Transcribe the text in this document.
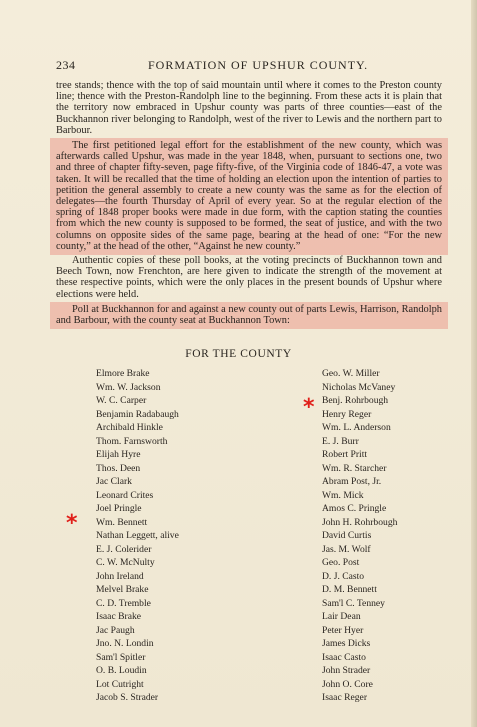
234	FORMATION OF UPSHUR COUNTY.

tree stands; thence with the top of said mountain until where it comes to the Preston county line; thence with the Preston-Randolph line to the beginning. From these acts it is plain that the territory now embraced in Upshur county was parts of three counties—east of the Buckhannon river belonging to Randolph, west of the river to Lewis and the northern part to Barbour.

The first petitioned legal effort for the establishment of the new county, which was afterwards called Upshur, was made in the year 1848, when, pursuant to sections one, two and three of chapter fifty-seven, page fifty-five, of the Virginia code of 1846-47, a vote was taken. It will be recalled that the time of holding an election upon the intention of parties to petition the general assembly to create a new county was the same as for the election of delegates—the fourth Thursday of April of every year. So at the regular election of the spring of 1848 proper books were made in due form, with the caption stating the counties from which the new county is supposed to be formed, the seat of justice, and with the two columns on opposite sides of the same page, bearing at the head of one: “For the new county,” at the head of the other, “Against he new county.”

Authentic copies of these poll books, at the voting precincts of Buckhannon town and Beech Town, now Frenchton, are here given to indicate the strength of the movement at these respective points, which were the only places in the present bounds of Upshur where elections were held.

Poll at Buckhannon for and against a new county out of parts Lewis, Harrison, Randolph and Barbour, with the county seat at Buckhannon Town:

FOR THE COUNTY
Elmore Brake
Wm. W. Jackson
W. C. Carper
Benjamin Radabaugh
Archibald Hinkle
Thom. Farnsworth
Elijah Hyre
Thos. Deen
Jac Clark
Leonard Crites
Joel Pringle
Wm. Bennett
Nathan Leggett, alive
E. J. Colerider
C. W. McNulty
John Ireland
Melvel Brake
C. D. Tremble
Isaac Brake
Jac Paugh
Jno. N. Londin
Sam'l Spitler
O. B. Loudin
Lot Cutright
Jacob S. Strader
Geo. W. Miller
Nicholas McVaney
Benj. Rohrbough
Henry Reger
Wm. L. Anderson
E. J. Burr
Robert Pritt
Wm. R. Starcher
Abram Post, Jr.
Wm. Mick
Amos C. Pringle
John H. Rohrbough
David Curtis
Jas. M. Wolf
Geo. Post
D. J. Casto
D. M. Bennett
Sam'l C. Tenney
Lair Dean
Peter Hyer
James Dicks
Isaac Casto
John Strader
John O. Core
Isaac Reger
*
*
